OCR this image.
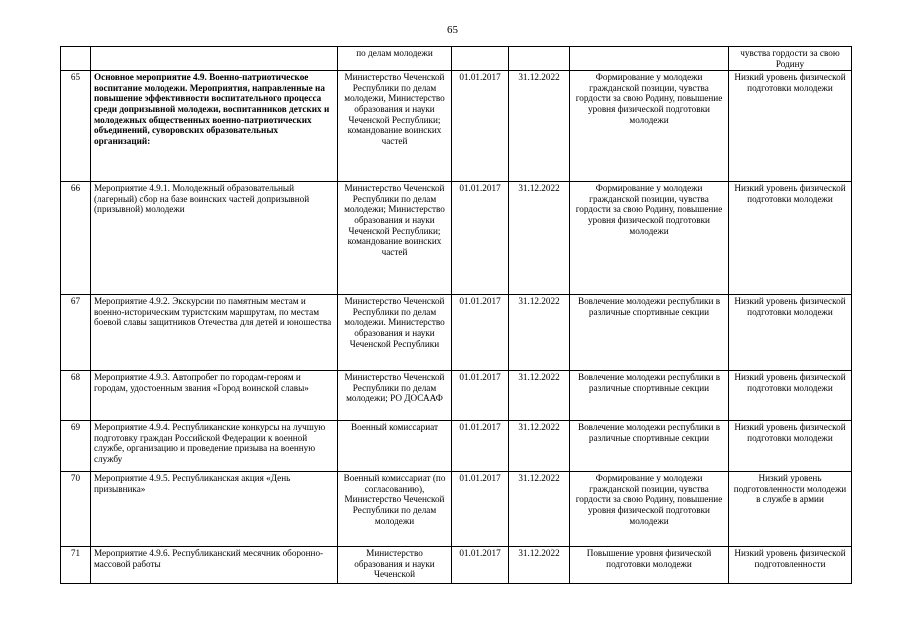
65
		по делам молодежи				чувства гордости за свою Родину
65	Основное мероприятие 4.9. Военно-патриотическое воспитание молодежи. Мероприятия, направленные на повышение эффективности воспитательного процесса среди допризывной молодежи, воспитанников детских и молодежных общественных военно-патриотических объединений, суворовских образовательных организаций:	Министерство Чеченской Республики по делам молодежи, Министерство образования и науки Чеченской Республики; командование воинских частей	01.01.2017	31.12.2022	Формирование у молодежи гражданской позиции, чувства гордости за свою Родину, повышение уровня физической подготовки молодежи	Низкий уровень физической подготовки молодежи
66	Мероприятие 4.9.1. Молодежный образовательный (лагерный) сбор на базе воинских частей допризывной (призывной) молодежи	Министерство Чеченской Республики по делам молодежи; Министерство образования и науки Чеченской Республики; командование воинских частей	01.01.2017	31.12.2022	Формирование у молодежи гражданской позиции, чувства гордости за свою Родину, повышение уровня физической подготовки молодежи	Низкий уровень физической подготовки молодежи
67	Мероприятие 4.9.2. Экскурсии по памятным местам и военно-историческим туристским маршрутам, по местам боевой славы защитников Отечества для детей и юношества	Министерство Чеченской Республики по делам молодежи. Министерство образования и науки Чеченской Республики	01.01.2017	31.12.2022	Вовлечение молодежи республики в различные спортивные секции	Низкий уровень физической подготовки молодежи
68	Мероприятие 4.9.3. Автопробег по городам-героям и городам, удостоенным звания «Город воинской славы»	Министерство Чеченской Республики по делам молодежи; РО ДОСААФ	01.01.2017	31.12.2022	Вовлечение молодежи республики в различные спортивные секции	Низкий уровень физической подготовки молодежи
69	Мероприятие 4.9.4. Республиканские конкурсы на лучшую подготовку граждан Российской Федерации к военной службе, организацию и проведение призыва на военную службу	Военный комиссариат	01.01.2017	31.12.2022	Вовлечение молодежи республики в различные спортивные секции	Низкий уровень физической подготовки молодежи
70	Мероприятие 4.9.5. Республиканская акция «День призывника»	Военный комиссариат (по согласованию), Министерство Чеченской Республики по делам молодежи	01.01.2017	31.12.2022	Формирование у молодежи гражданской позиции, чувства гордости за свою Родину, повышение уровня физической подготовки молодежи	Низкий уровень подготовленности молодежи в службе в армии
71	Мероприятие 4.9.6. Республиканский месячник оборонно-массовой работы	Министерство образования и науки Чеченской	01.01.2017	31.12.2022	Повышение уровня физической подготовки молодежи	Низкий уровень физической подготовленности
